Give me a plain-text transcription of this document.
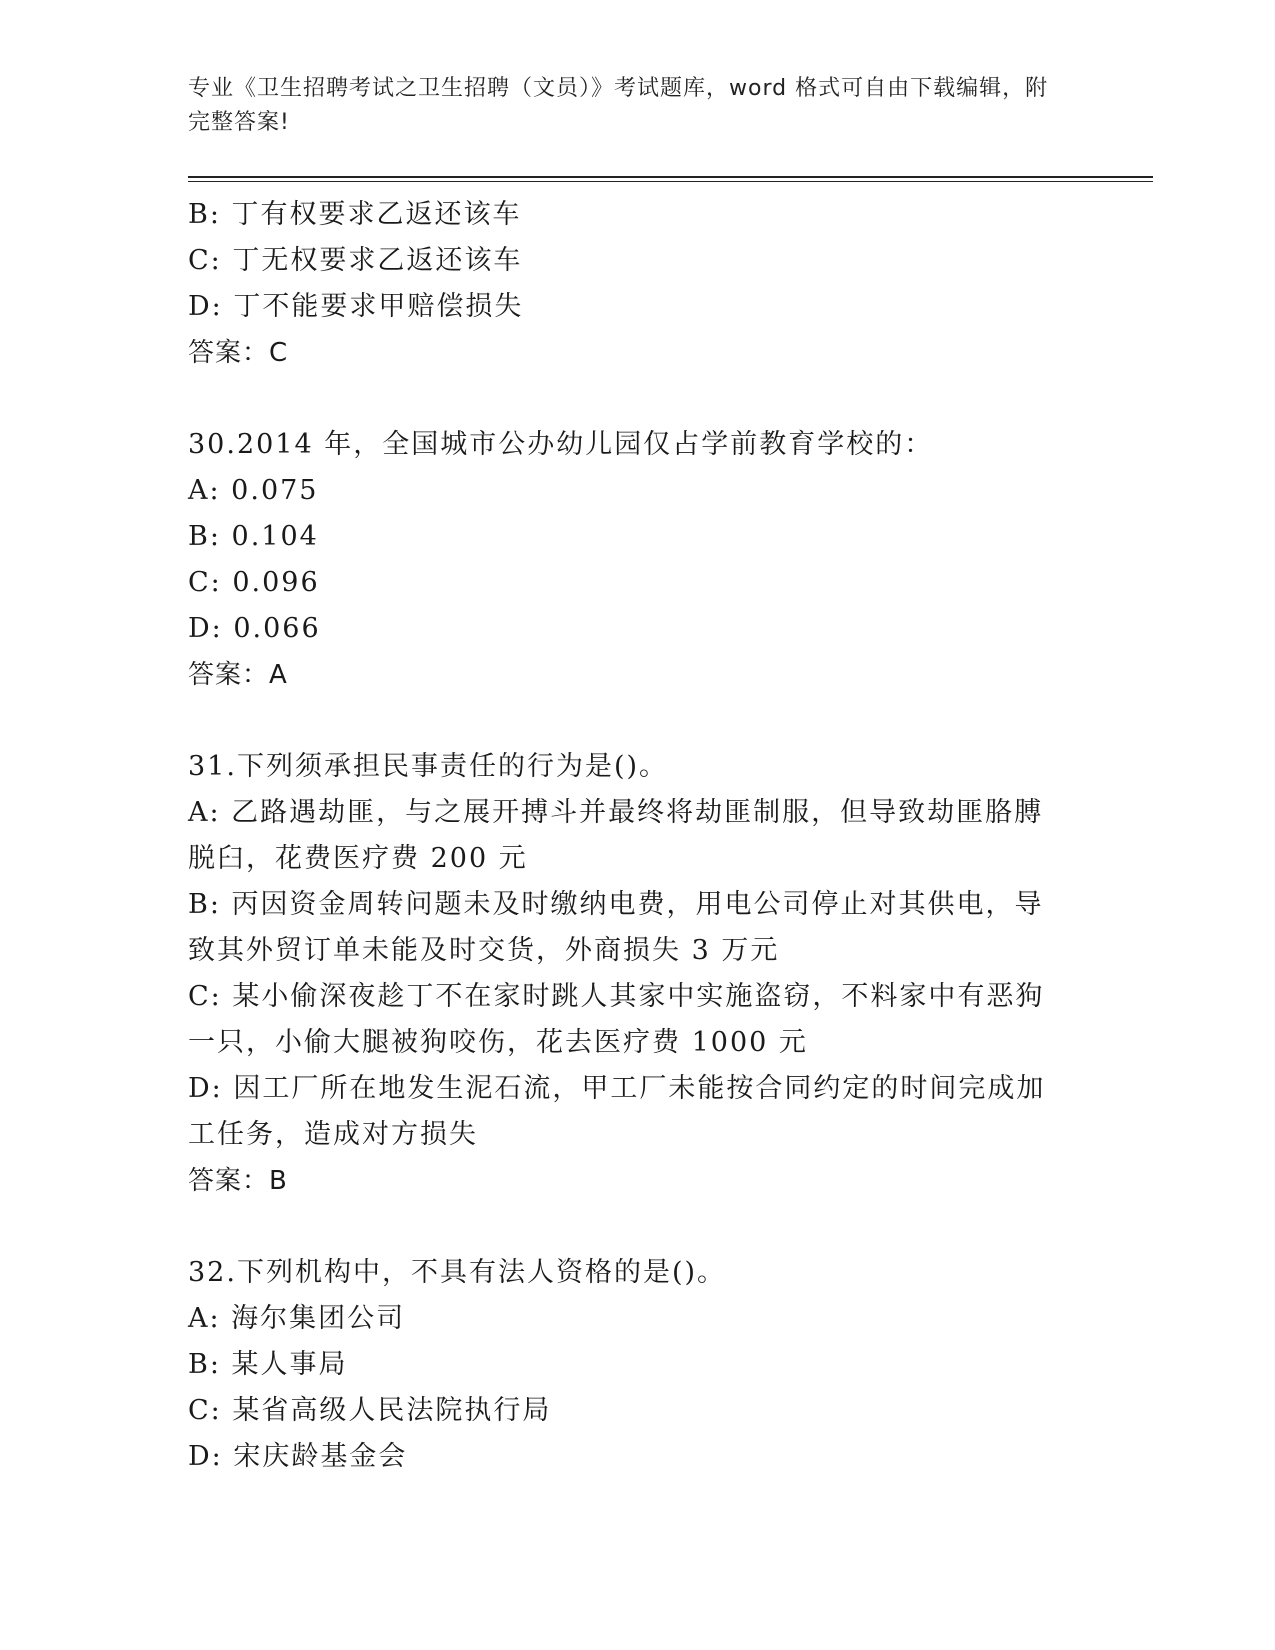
专业《卫生招聘考试之卫生招聘（文员）》考试题库，word 格式可自由下载编辑，附完整答案!
B: 丁有权要求乙返还该车
C: 丁无权要求乙返还该车
D: 丁不能要求甲赔偿损失
答案：C
30.2014 年，全国城市公办幼儿园仅占学前教育学校的：
A: 0.075
B: 0.104
C: 0.096
D: 0.066
答案：A
31.下列须承担民事责任的行为是()。
A: 乙路遇劫匪，与之展开搏斗并最终将劫匪制服，但导致劫匪胳膊脱臼，花费医疗费 200 元
B: 丙因资金周转问题未及时缴纳电费，用电公司停止对其供电，导致其外贸订单未能及时交货，外商损失 3 万元
C: 某小偷深夜趁丁不在家时跳人其家中实施盗窃，不料家中有恶狗一只，小偷大腿被狗咬伤，花去医疗费 1000 元
D: 因工厂所在地发生泥石流，甲工厂未能按合同约定的时间完成加工任务，造成对方损失
答案：B
32.下列机构中，不具有法人资格的是()。
A: 海尔集团公司
B: 某人事局
C: 某省高级人民法院执行局
D: 宋庆龄基金会
